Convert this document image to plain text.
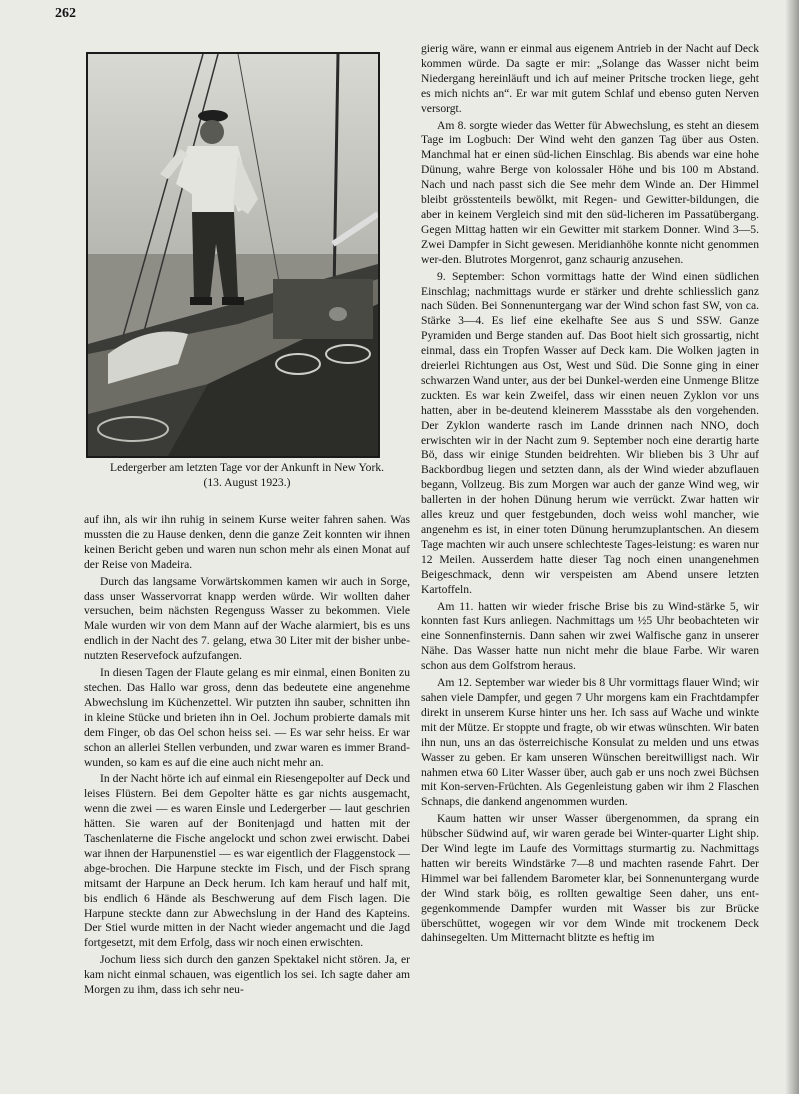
262
Ledergerber am letzten Tage vor der Ankunft in New York.
(13. August 1923.)

auf ihn, als wir ihn ruhig in seinem Kurse weiter fahren sahen. Was mussten die zu Hause denken, denn die ganze Zeit konnten wir ihnen keinen Bericht geben und waren nun schon mehr als einen Monat auf der Reise von Madeira.

Durch das langsame Vorwärtskommen kamen wir auch in Sorge, dass unser Wasservorrat knapp werden würde. Wir wollten daher versuchen, beim nächsten Regenguss Wasser zu bekommen. Viele Male wurden wir von dem Mann auf der Wache alarmiert, bis es uns endlich in der Nacht des 7. gelang, etwa 30 Liter mit der bisher unbe-nutzten Reservefock aufzufangen.

In diesen Tagen der Flaute gelang es mir einmal, einen Boniten zu stechen. Das Hallo war gross, denn das bedeutete eine angenehme Abwechslung im Küchenzettel. Wir putzten ihn sauber, schnitten ihn in kleine Stücke und brieten ihn in Oel. Jochum probierte damals mit dem Finger, ob das Oel schon heiss sei. — Es war sehr heiss. Er war schon an allerlei Stellen verbunden, und zwar waren es immer Brand-wunden, so kam es auf die eine auch nicht mehr an.

In der Nacht hörte ich auf einmal ein Riesengepolter auf Deck und leises Flüstern. Bei dem Gepolter hätte es gar nichts ausgemacht, wenn die zwei — es waren Einsle und Ledergerber — laut geschrien hätten. Sie waren auf der Bonitenjagd und hatten mit der Taschenlaterne die Fische angelockt und schon zwei erwischt. Dabei war ihnen der Harpunenstiel — es war eigentlich der Flaggenstock — abge-brochen. Die Harpune steckte im Fisch, und der Fisch sprang mitsamt der Harpune an Deck herum. Ich kam herauf und half mit, bis endlich 6 Hände als Beschwerung auf dem Fisch lagen. Die Harpune steckte dann zur Abwechslung in der Hand des Kapteins. Der Stiel wurde mitten in der Nacht wieder angemacht und die Jagd fortgesetzt, mit dem Erfolg, dass wir noch einen erwischten.

Jochum liess sich durch den ganzen Spektakel nicht stören. Ja, er kam nicht einmal schauen, was eigentlich los sei. Ich sagte daher am Morgen zu ihm, dass ich sehr neu-

gierig wäre, wann er einmal aus eigenem Antrieb in der Nacht auf Deck kommen würde. Da sagte er mir: „Solange das Wasser nicht beim Niedergang hereinläuft und ich auf meiner Pritsche trocken liege, geht es mich nichts an“. Er war mit gutem Schlaf und ebenso guten Nerven versorgt.

Am 8. sorgte wieder das Wetter für Abwechslung, es steht an diesem Tage im Logbuch: Der Wind weht den ganzen Tag über aus Osten. Manchmal hat er einen süd-lichen Einschlag. Bis abends war eine hohe Dünung, wahre Berge von kolossaler Höhe und bis 100 m Abstand. Nach und nach passt sich die See mehr dem Winde an. Der Himmel bleibt grösstenteils bewölkt, mit Regen- und Gewitter-bildungen, die aber in keinem Vergleich sind mit den süd-licheren im Passatübergang. Gegen Mittag hatten wir ein Gewitter mit starkem Donner. Wind 3—5. Zwei Dampfer in Sicht gewesen. Meridianhöhe konnte nicht genommen wer-den. Blutrotes Morgenrot, ganz schaurig anzusehen.

9. September: Schon vormittags hatte der Wind einen südlichen Einschlag; nachmittags wurde er stärker und drehte schliesslich ganz nach Süden. Bei Sonnenuntergang war der Wind schon fast SW, von ca. Stärke 3—4. Es lief eine ekelhafte See aus S und SSW. Ganze Pyramiden und Berge standen auf. Das Boot hielt sich grossartig, nicht einmal, dass ein Tropfen Wasser auf Deck kam. Die Wolken jagten in dreierlei Richtungen aus Ost, West und Süd. Die Sonne ging in einer schwarzen Wand unter, aus der bei Dunkel-werden eine Unmenge Blitze zuckten. Es war kein Zweifel, dass wir einen neuen Zyklon vor uns hatten, aber in be-deutend kleinerem Massstabe als den vorgehenden. Der Zyklon wanderte rasch im Lande drinnen nach NNO, doch erwischten wir in der Nacht zum 9. September noch eine derartig harte Bö, dass wir einige Stunden beidrehten. Wir blieben bis 3 Uhr auf Backbordbug liegen und setzten dann, als der Wind wieder abzuflauen begann, Vollzeug. Bis zum Morgen war auch der ganze Wind weg, wir ballerten in der hohen Dünung herum wie verrückt. Zwar hatten wir alles kreuz und quer festgebunden, doch weiss wohl mancher, wie angenehm es ist, in einer toten Dünung herumzuplantschen. An diesem Tage machten wir auch unsere schlechteste Tages-leistung: es waren nur 12 Meilen. Ausserdem hatte dieser Tag noch einen unangenehmen Beigeschmack, denn wir verspeisten am Abend unsere letzten Kartoffeln.

Am 11. hatten wir wieder frische Brise bis zu Wind-stärke 5, wir konnten fast Kurs anliegen. Nachmittags um ½5 Uhr beobachteten wir eine Sonnenfinsternis. Dann sahen wir zwei Walfische ganz in unserer Nähe. Das Wasser hatte nun nicht mehr die blaue Farbe. Wir waren schon aus dem Golfstrom heraus.

Am 12. September war wieder bis 8 Uhr vormittags flauer Wind; wir sahen viele Dampfer, und gegen 7 Uhr morgens kam ein Frachtdampfer direkt in unserem Kurse hinter uns her. Ich sass auf Wache und winkte mit der Mütze. Er stoppte und fragte, ob wir etwas wünschten. Wir baten ihn nun, uns an das österreichische Konsulat zu melden und uns etwas Wasser zu geben. Er kam unseren Wünschen bereitwilligst nach. Wir nahmen etwa 60 Liter Wasser über, auch gab er uns noch zwei Büchsen mit Kon-serven-Früchten. Als Gegenleistung gaben wir ihm 2 Flaschen Schnaps, die dankend angenommen wurden.

Kaum hatten wir unser Wasser übergenommen, da sprang ein hübscher Südwind auf, wir waren gerade bei Winter-quarter Light ship. Der Wind legte im Laufe des Vormittags sturmartig zu. Nachmittags hatten wir bereits Windstärke 7—8 und machten rasende Fahrt. Der Himmel war bei fallendem Barometer klar, bei Sonnenuntergang wurde der Wind stark böig, es rollten gewaltige Seen daher, uns ent-gegenkommende Dampfer wurden mit Wasser bis zur Brücke überschüttet, wogegen wir vor dem Winde mit trockenem Deck dahinsegelten. Um Mitternacht blitzte es heftig im
